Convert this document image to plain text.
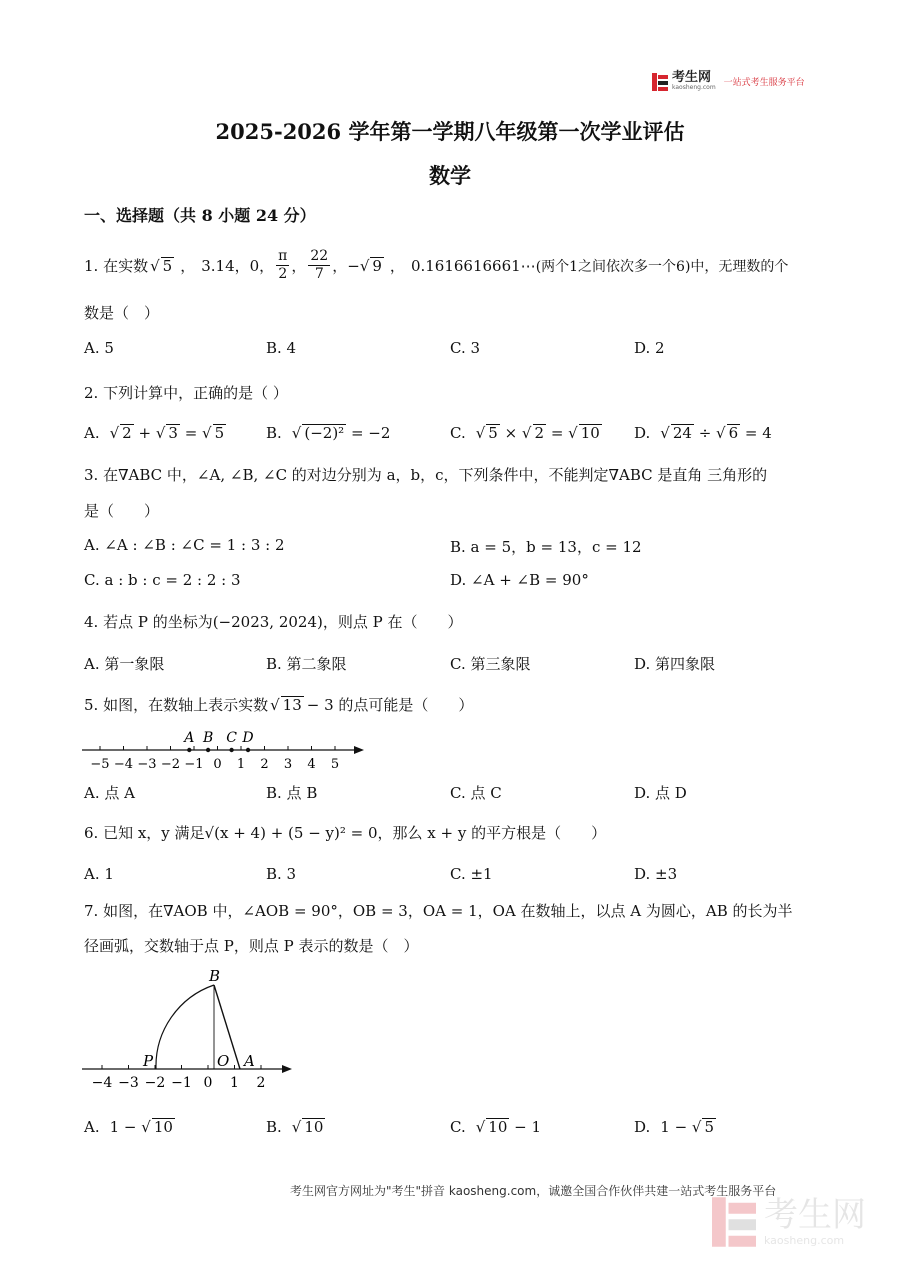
考生网
kaosheng.com 一站式考生服务平台
2025-2026 学年第一学期八年级第一次学业评估
数学
一、选择题（共 8 小题 24 分）
1. 在实数 √ 5 ， 3.14，0， $\frac{\pi}{2}$ ， $\frac{22}{7}$ ， − √ 9 ， 0.1616616661⋯ (两个1之间依次多一个6)中，无理数的个
数是（　）
A. 5	B. 4	C. 3	D. 2
2. 下列计算中，正确的是（ ）
A. √ 2 + √ 3 = √ 5	B. √ (−2)² = −2	C. √ 5 × √ 2 = √ 10 D. √ 24 ÷ √ 6 = 4
3. 在∇ABC 中，∠A, ∠B, ∠C 的对边分别为 a，b，c，下列条件中，不能判定∇ABC 是直角 三角形的
是（　　）
A. ∠A : ∠B : ∠C = 1 : 3 : 2	B. a = 5，b = 13，c = 12
C. a : b : c = 2 : 2 : 3	D. ∠A + ∠B = 90°
4. 若点 P 的坐标为(−2023, 2024)，则点 P 在（　　）
A. 第一象限	B. 第二象限	C. 第三象限	D. 第四象限
5. 如图，在数轴上表示实数 √ 13 − 3 的点可能是（　　）
−5 −4 −3 −2 −1 0 1 2 3 4 5
A B C D
A. 点 A	B. 点 B	C. 点 C	D. 点 D
6. 已知 x，y 满足√(x + 4) + (5 − y)² = 0，那么 x + y 的平方根是（　　）
A. 1	B. 3	C. ±1	D. ±3
7. 如图，在∇AOB 中，∠AOB = 90°，OB = 3，OA = 1，OA 在数轴上，以点 A 为圆心，AB 的长为半
径画弧，交数轴于点 P，则点 P 表示的数是（　）
B
P	O A
−4 −3 −2 −1 0 1 2
A. 1 − √ 10	B. √ 10	C. √ 10 − 1	D. 1 − √ 5
考生网官方网址为"考生"拼音 kaosheng.com，诚邀全国合作伙伴共建一站式考生服务平台
考生网
kaosheng.com
